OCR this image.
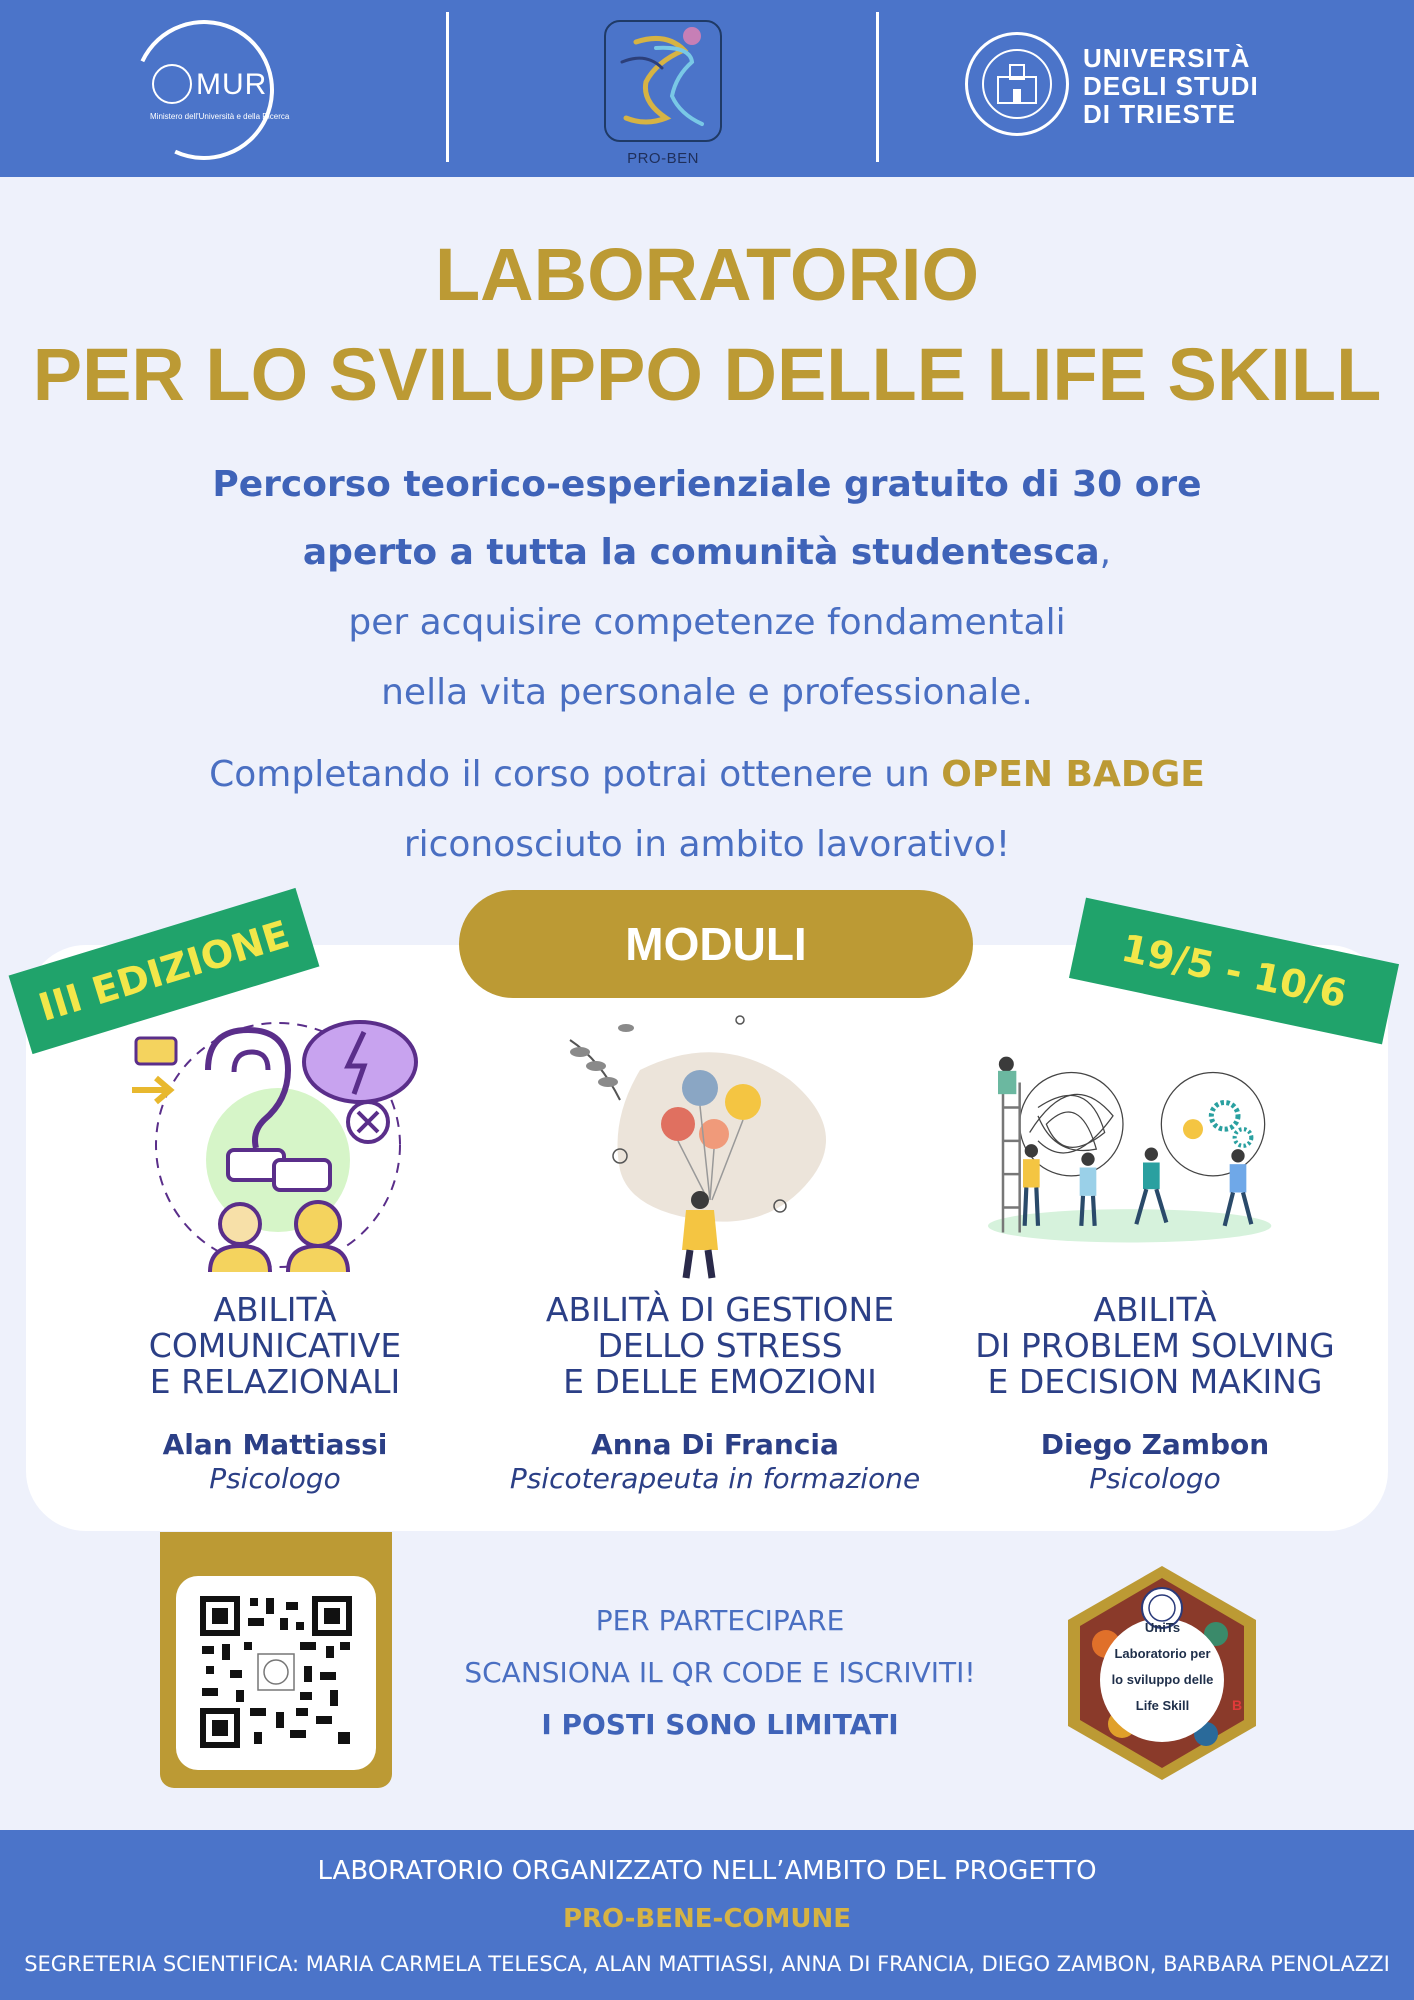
MUR
Ministero dell'Università e della Ricerca
PRO-BEN
UNIVERSITÀ
DEGLI STUDI
DI TRIESTE
LABORATORIO
PER LO SVILUPPO DELLE LIFE SKILL
Percorso teorico-esperienziale gratuito di 30 ore
aperto a tutta la comunità studentesca,
per acquisire competenze fondamentali
nella vita personale e professionale.
Completando il corso potrai ottenere un OPEN BADGE
riconosciuto in ambito lavorativo!
MODULI
III EDIZIONE	19/5 - 10/6
ABILITÀ
COMUNICATIVE
E RELAZIONALI
Alan Mattiassi
Psicologo
ABILITÀ DI GESTIONE
DELLO STRESS
E DELLE EMOZIONI
Anna Di Francia
Psicoterapeuta in formazione
ABILITÀ
DI PROBLEM SOLVING
E DECISION MAKING
Diego Zambon
Psicologo
PER PARTECIPARE
SCANSIONA IL QR CODE E ISCRIVITI!
I POSTI SONO LIMITATI
B
UniTs
Laboratorio per
lo sviluppo delle
Life Skill
LABORATORIO ORGANIZZATO NELL’AMBITO DEL PROGETTO
PRO-BENE-COMUNE
SEGRETERIA SCIENTIFICA: MARIA CARMELA TELESCA, ALAN MATTIASSI, ANNA DI FRANCIA, DIEGO ZAMBON, BARBARA PENOLAZZI
